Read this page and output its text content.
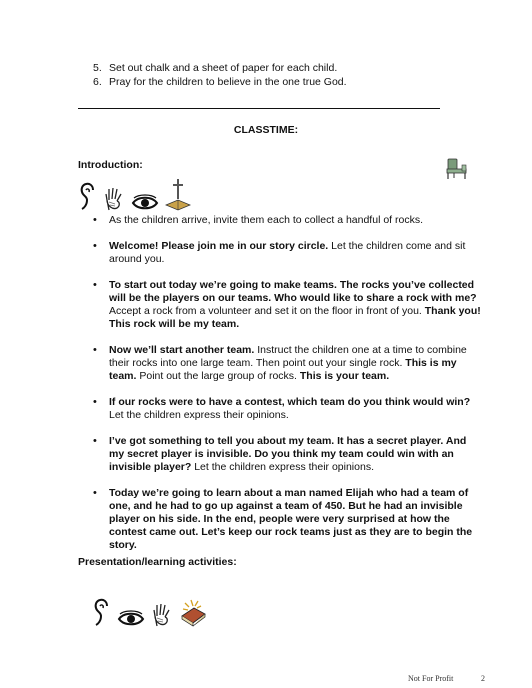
5. Set out chalk and a sheet of paper for each child.
6. Pray for the children to believe in the one true God.
CLASSTIME:
Introduction:
• As the children arrive, invite them each to collect a handful of rocks.
• Welcome! Please join me in our story circle. Let the children come and sit around you.
• To start out today we’re going to make teams. The rocks you’ve collected will be the players on our teams. Who would like to share a rock with me? Accept a rock from a volunteer and set it on the floor in front of you. Thank you! This rock will be my team.
• Now we’ll start another team. Instruct the children one at a time to combine their rocks into one large team. Then point out your single rock. This is my team. Point out the large group of rocks. This is your team.
• If our rocks were to have a contest, which team do you think would win? Let the children express their opinions.
• I’ve got something to tell you about my team. It has a secret player. And my secret player is invisible. Do you think my team could win with an invisible player? Let the children express their opinions.
• Today we’re going to learn about a man named Elijah who had a team of one, and he had to go up against a team of 450. But he had an invisible player on his side. In the end, people were very surprised at how the contest came out. Let’s keep our rock teams just as they are to begin the story.
Presentation/learning activities:
Not For Profit	2
